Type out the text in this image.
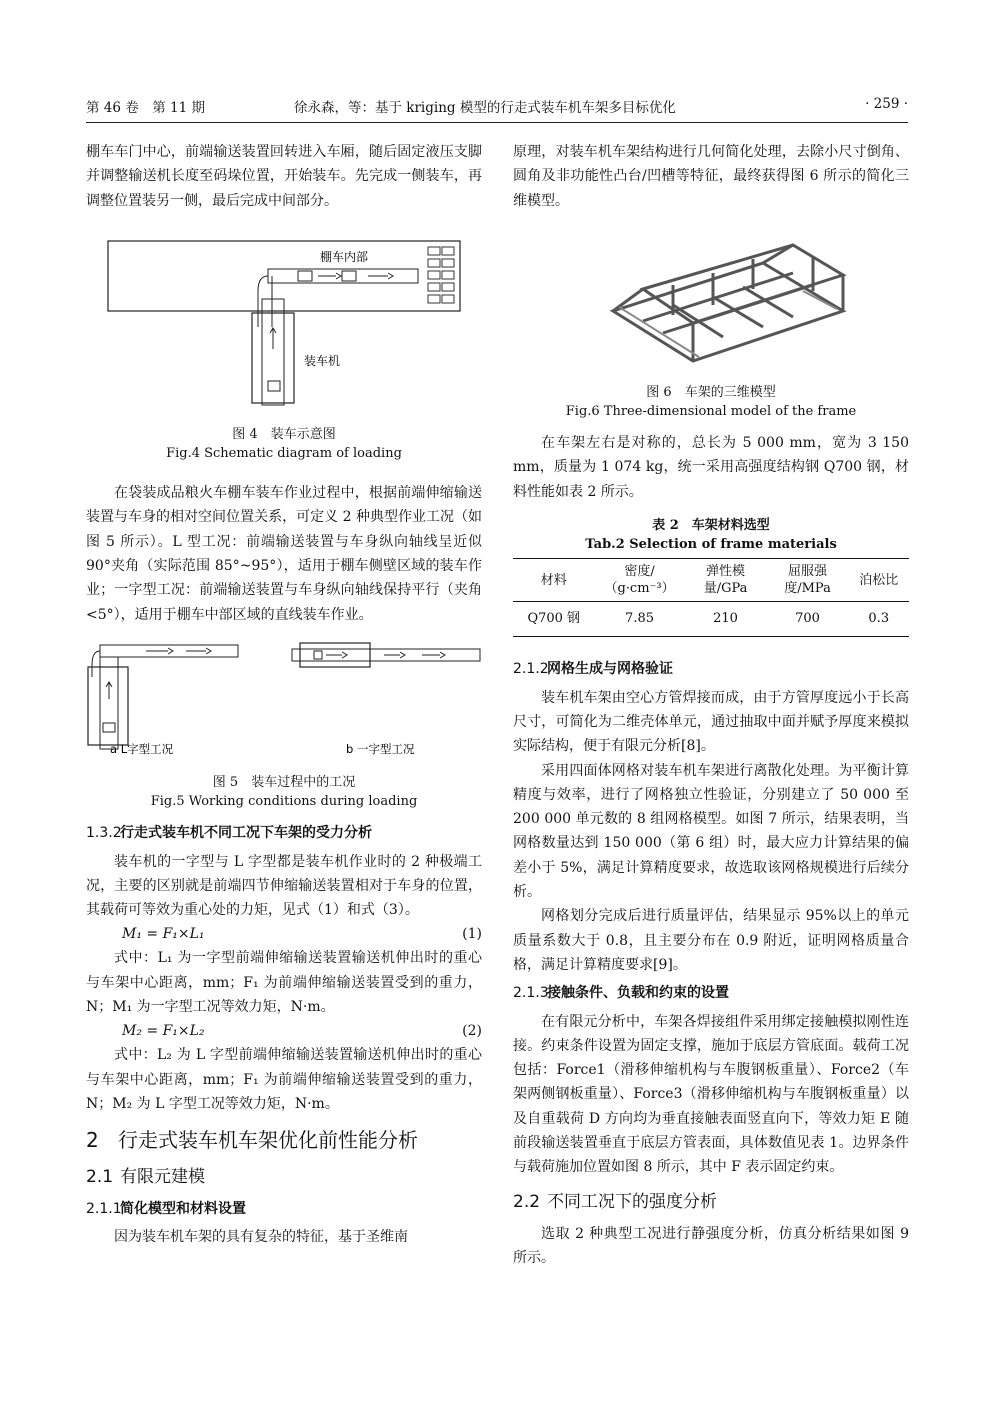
第 46 卷　第 11 期	徐永森，等：基于 kriging 模型的行走式装车机车架多目标优化	· 259 ·

棚车车门中心，前端输送装置回转进入车厢，随后固定液压支脚并调整输送机长度至码垛位置，开始装车。先完成一侧装车，再调整位置装另一侧，最后完成中间部分。

棚车内部
装车机
图 4　装车示意图
Fig.4 Schematic diagram of loading

在袋装成品粮火车棚车装车作业过程中，根据前端伸缩输送装置与车身的相对空间位置关系，可定义 2 种典型作业工况（如图 5 所示）。L 型工况：前端输送装置与车身纵向轴线呈近似 90°夹角（实际范围 85°~95°），适用于棚车侧壁区域的装车作业；一字型工况：前端输送装置与车身纵向轴线保持平行（夹角<5°），适用于棚车中部区域的直线装车作业。

a L字型工况	b 一字型工况
图 5　装车过程中的工况
Fig.5 Working conditions during loading
1.3.2行走式装车机不同工况下车架的受力分析

装车机的一字型与 L 字型都是装车机作业时的 2 种极端工况，主要的区别就是前端四节伸缩输送装置相对于车身的位置，其载荷可等效为重心处的力矩，见式（1）和式（3）。

M₁ = F₁×L₁	(1)

式中：L₁ 为一字型前端伸缩输送装置输送机伸出时的重心与车架中心距离，mm；F₁ 为前端伸缩输送装置受到的重力，N；M₁ 为一字型工况等效力矩，N·m。

M₂ = F₁×L₂	(2)

式中：L₂ 为 L 字型前端伸缩输送装置输送机伸出时的重心与车架中心距离，mm；F₁ 为前端伸缩输送装置受到的重力，N；M₂ 为 L 字型工况等效力矩，N·m。

2 行走式装车机车架优化前性能分析
2.1 有限元建模
2.1.1简化模型和材料设置

因为装车机车架的具有复杂的特征，基于圣维南

原理，对装车机车架结构进行几何简化处理，去除小尺寸倒角、圆角及非功能性凸台/凹槽等特征，最终获得图 6 所示的简化三维模型。

图 6　车架的三维模型
Fig.6 Three-dimensional model of the frame

在车架左右是对称的，总长为 5 000 mm，宽为 3 150 mm，质量为 1 074 kg，统一采用高强度结构钢 Q700 钢，材料性能如表 2 所示。

表 2　车架材料选型
Tab.2 Selection of frame materials
材料	密度/（g·cm⁻³）	弹性模量/GPa	屈服强度/MPa	泊松比
Q700 钢	7.85	210	700	0.3
2.1.2网格生成与网格验证

装车机车架由空心方管焊接而成，由于方管厚度远小于长高尺寸，可简化为二维壳体单元，通过抽取中面并赋予厚度来模拟实际结构，便于有限元分析[8]。

采用四面体网格对装车机车架进行离散化处理。为平衡计算精度与效率，进行了网格独立性验证，分别建立了 50 000 至 200 000 单元数的 8 组网格模型。如图 7 所示，结果表明，当网格数量达到 150 000（第 6 组）时，最大应力计算结果的偏差小于 5%，满足计算精度要求，故选取该网格规模进行后续分析。

网格划分完成后进行质量评估，结果显示 95%以上的单元质量系数大于 0.8，且主要分布在 0.9 附近，证明网格质量合格，满足计算精度要求[9]。

2.1.3接触条件、负载和约束的设置

在有限元分析中，车架各焊接组件采用绑定接触模拟刚性连接。约束条件设置为固定支撑，施加于底层方管底面。载荷工况包括：Force1（滑移伸缩机构与车腹钢板重量）、Force2（车架两侧钢板重量）、Force3（滑移伸缩机构与车腹钢板重量）以及自重载荷 D 方向均为垂直接触表面竖直向下，等效力矩 E 随前段输送装置垂直于底层方管表面，具体数值见表 1。边界条件与载荷施加位置如图 8 所示，其中 F 表示固定约束。

2.2 不同工况下的强度分析

选取 2 种典型工况进行静强度分析，仿真分析结果如图 9 所示。
